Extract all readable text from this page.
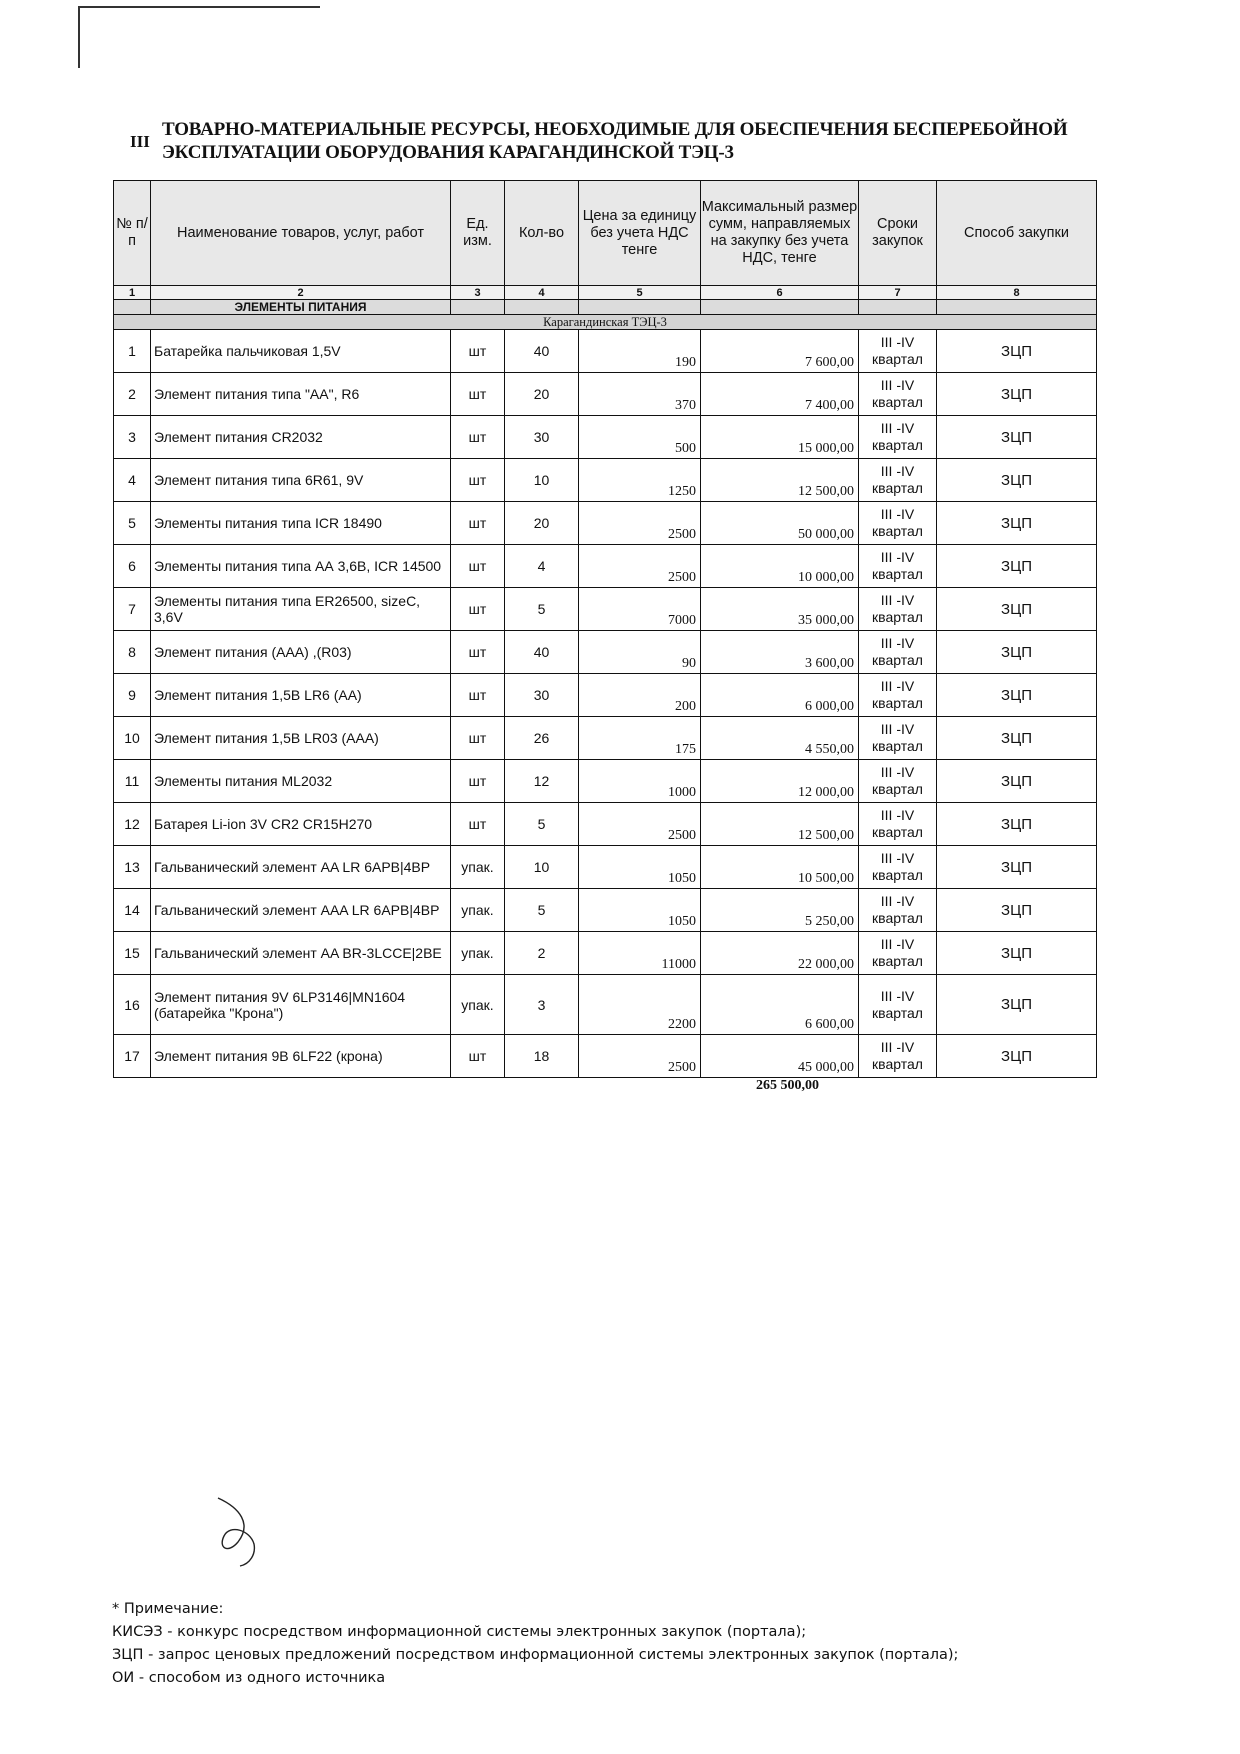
III
ТОВАРНО-МАТЕРИАЛЬНЫЕ РЕСУРСЫ, НЕОБХОДИМЫЕ ДЛЯ ОБЕСПЕЧЕНИЯ БЕСПЕРЕБОЙНОЙ ЭКСПЛУАТАЦИИ ОБОРУДОВАНИЯ КАРАГАНДИНСКОЙ ТЭЦ-3
№ п/п	Наименование товаров, услуг, работ	Ед. изм.	Кол-во	Цена за единицу без учета НДС тенге	Максимальный размер сумм, направляемых на закупку без учета НДС, тенге	Сроки закупок	Способ закупки
1	2	3	4	5	6	7	8
	ЭЛЕМЕНТЫ ПИТАНИЯ						
Карагандинская ТЭЦ-3							
1	Батарейка пальчиковая 1,5V	шт	40	190	7 600,00	III -IV квартал	ЗЦП
2	Элемент питания типа "АА", R6	шт	20	370	7 400,00	III -IV квартал	ЗЦП
3	Элемент питания CR2032	шт	30	500	15 000,00	III -IV квартал	ЗЦП
4	Элемент питания типа 6R61, 9V	шт	10	1250	12 500,00	III -IV квартал	ЗЦП
5	Элементы питания типа ICR 18490	шт	20	2500	50 000,00	III -IV квартал	ЗЦП
6	Элементы питания типа АА 3,6В, ICR 14500	шт	4	2500	10 000,00	III -IV квартал	ЗЦП
7	Элементы питания типа ER26500, sizeC, 3,6V	шт	5	7000	35 000,00	III -IV квартал	ЗЦП
8	Элемент питания (ААА) ,(R03)	шт	40	90	3 600,00	III -IV квартал	ЗЦП
9	Элемент питания 1,5В LR6 (АА)	шт	30	200	6 000,00	III -IV квартал	ЗЦП
10	Элемент питания 1,5В LR03 (ААА)	шт	26	175	4 550,00	III -IV квартал	ЗЦП
11	Элементы питания ML2032	шт	12	1000	12 000,00	III -IV квартал	ЗЦП
12	Батарея Li-ion 3V CR2 CR15H270	шт	5	2500	12 500,00	III -IV квартал	ЗЦП
13	Гальванический элемент AA LR 6APB|4BP	упак.	10	1050	10 500,00	III -IV квартал	ЗЦП
14	Гальванический элемент AAA LR 6APB|4BP	упак.	5	1050	5 250,00	III -IV квартал	ЗЦП
15	Гальванический элемент AA BR-3LCCE|2BE	упак.	2	11000	22 000,00	III -IV квартал	ЗЦП
16	Элемент питания 9V 6LP3146|MN1604 (батарейка "Крона")	упак.	3	2200	6 600,00	III -IV квартал	ЗЦП
17	Элемент питания 9В 6LF22 (крона)	шт	18	2500	45 000,00	III -IV квартал	ЗЦП
265 500,00
* Примечание:
КИСЭЗ - конкурс посредством информационной системы электронных закупок (портала);
ЗЦП - запрос ценовых предложений посредством информационной системы электронных закупок (портала);
ОИ - способом из одного источника
